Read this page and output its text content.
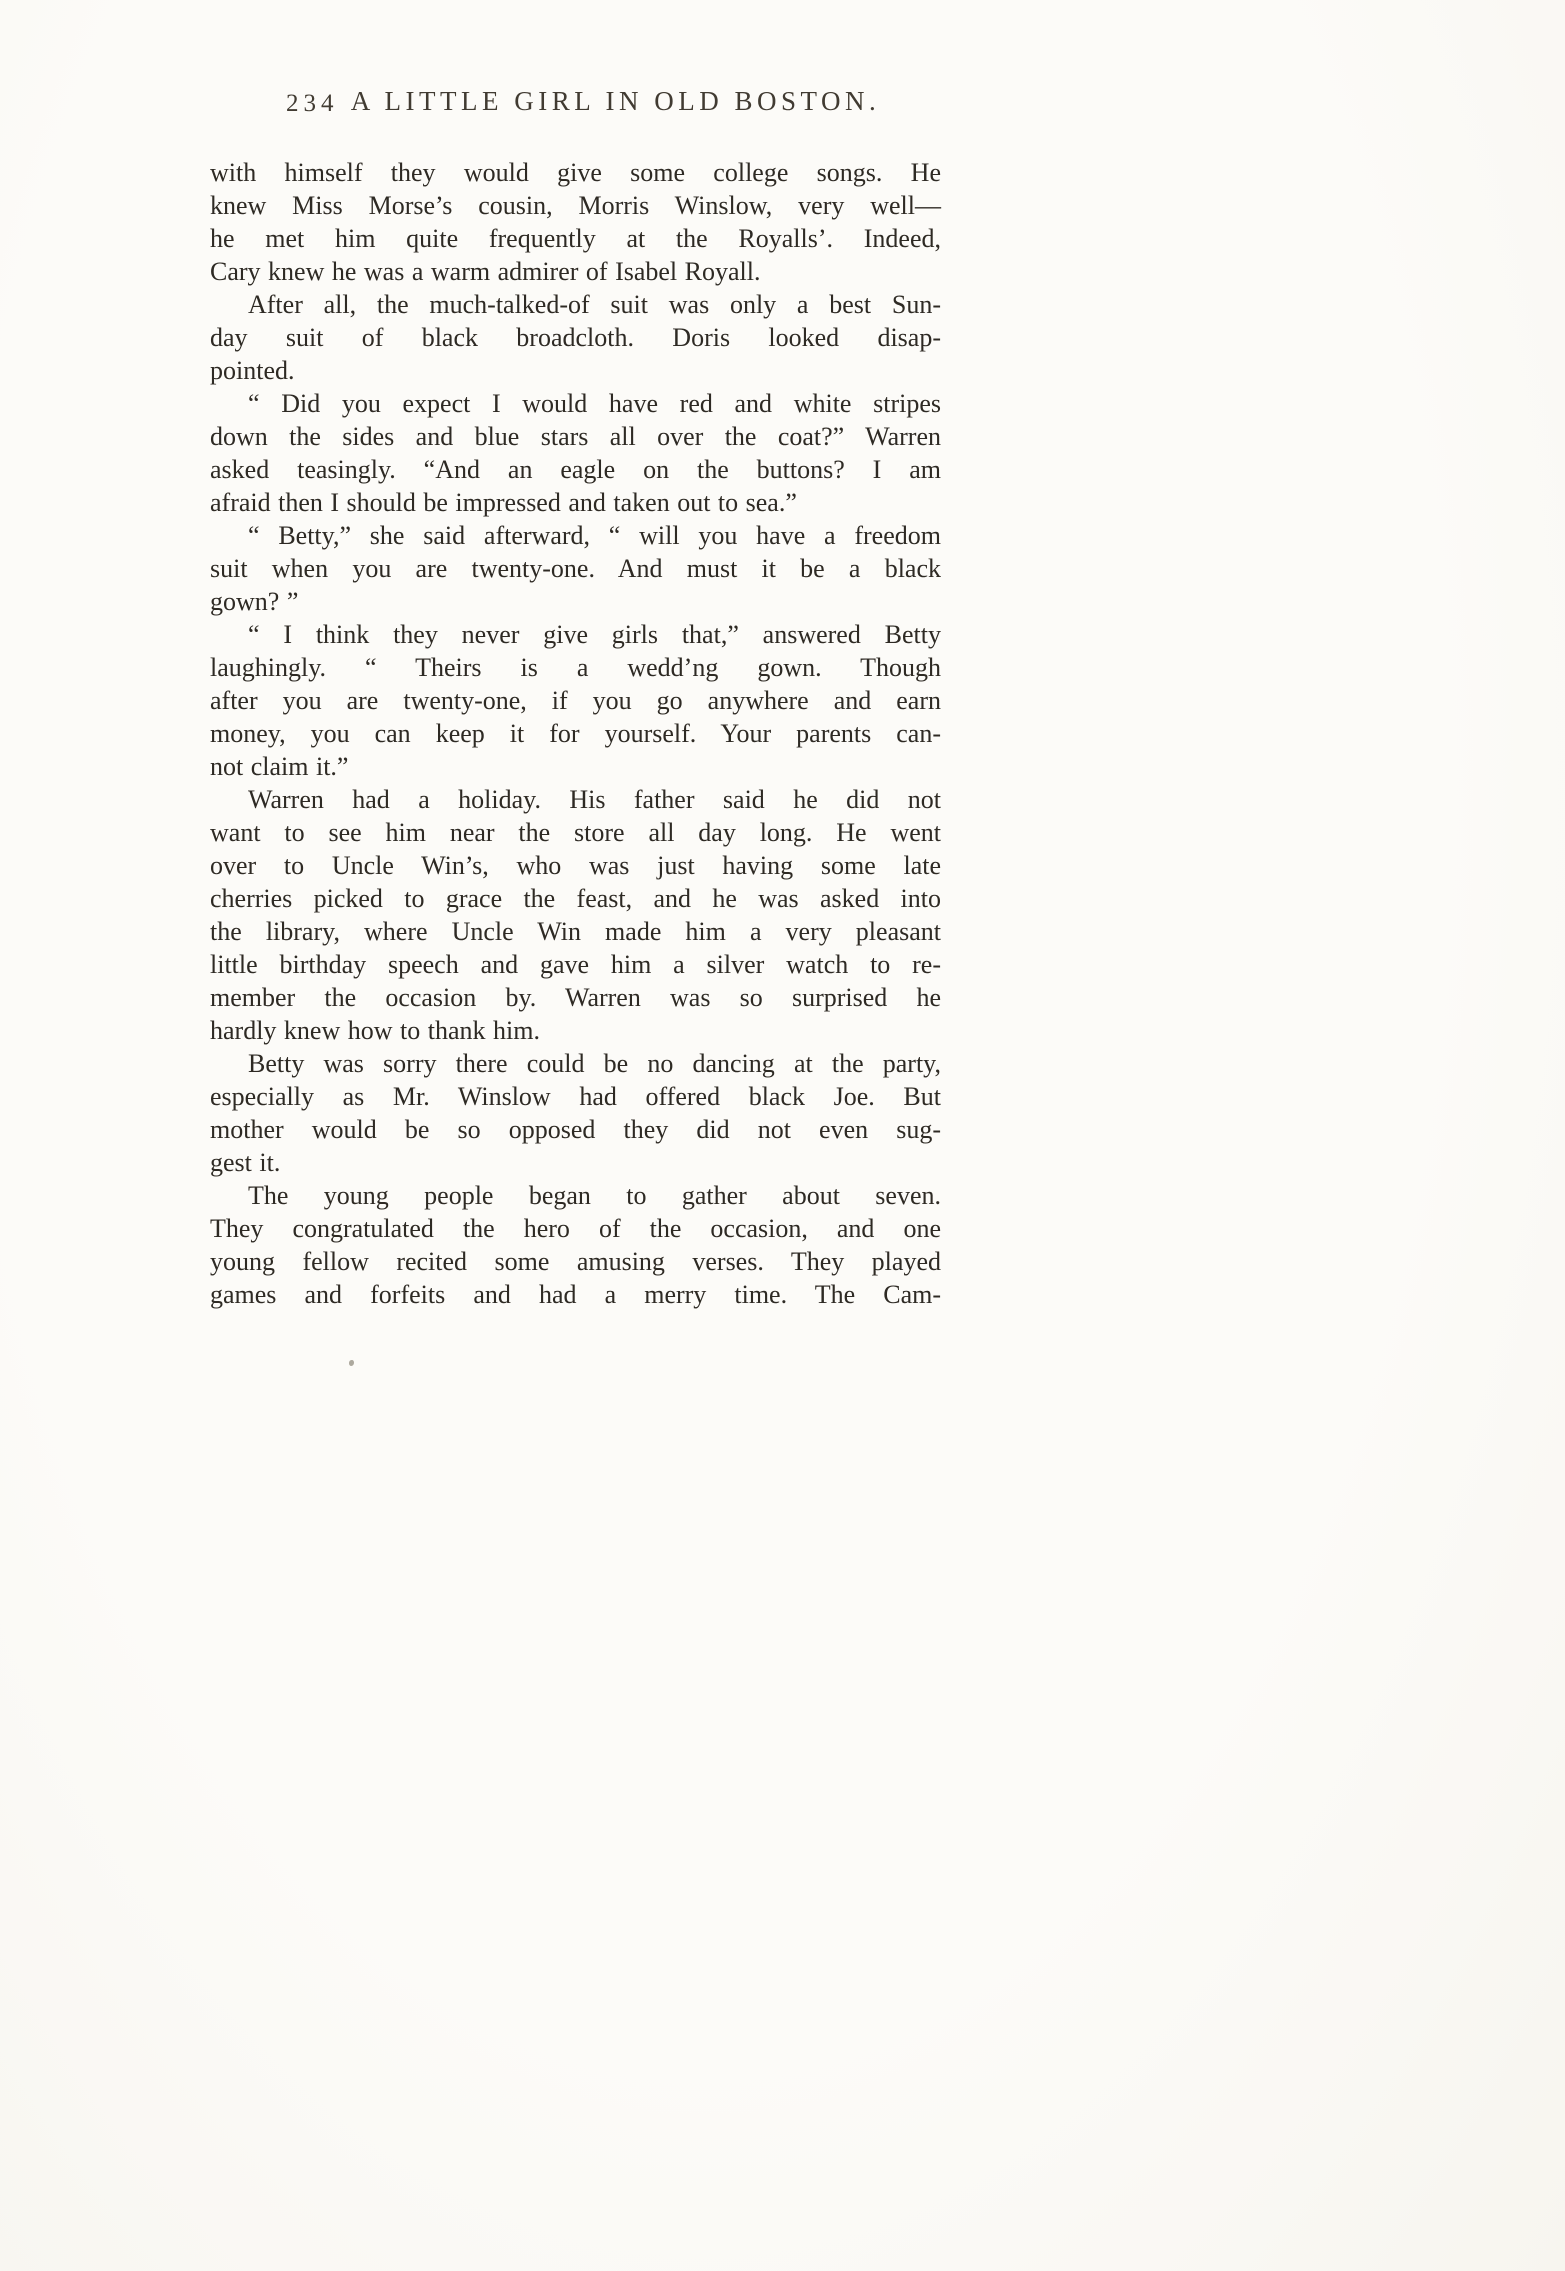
234 A LITTLE GIRL IN OLD BOSTON.
with himself they would give some college songs. He
knew Miss Morse’s cousin, Morris Winslow, very well—
he met him quite frequently at the Royalls’. Indeed,
Cary knew he was a warm admirer of Isabel Royall.
After all, the much-talked-of suit was only a best Sun-
day suit of black broadcloth. Doris looked disap-
pointed.
“ Did you expect I would have red and white stripes
down the sides and blue stars all over the coat?” Warren
asked teasingly. “And an eagle on the buttons? I am
afraid then I should be impressed and taken out to sea.”
“ Betty,” she said afterward, “ will you have a freedom
suit when you are twenty-one. And must it be a black
gown? ”
“ I think they never give girls that,” answered Betty
laughingly. “ Theirs is a wedd’ng gown. Though
after you are twenty-one, if you go anywhere and earn
money, you can keep it for yourself. Your parents can-
not claim it.”
Warren had a holiday. His father said he did not
want to see him near the store all day long. He went
over to Uncle Win’s, who was just having some late
cherries picked to grace the feast, and he was asked into
the library, where Uncle Win made him a very pleasant
little birthday speech and gave him a silver watch to re-
member the occasion by. Warren was so surprised he
hardly knew how to thank him.
Betty was sorry there could be no dancing at the party,
especially as Mr. Winslow had offered black Joe. But
mother would be so opposed they did not even sug-
gest it.
The young people began to gather about seven.
They congratulated the hero of the occasion, and one
young fellow recited some amusing verses. They played
games and forfeits and had a merry time. The Cam-
